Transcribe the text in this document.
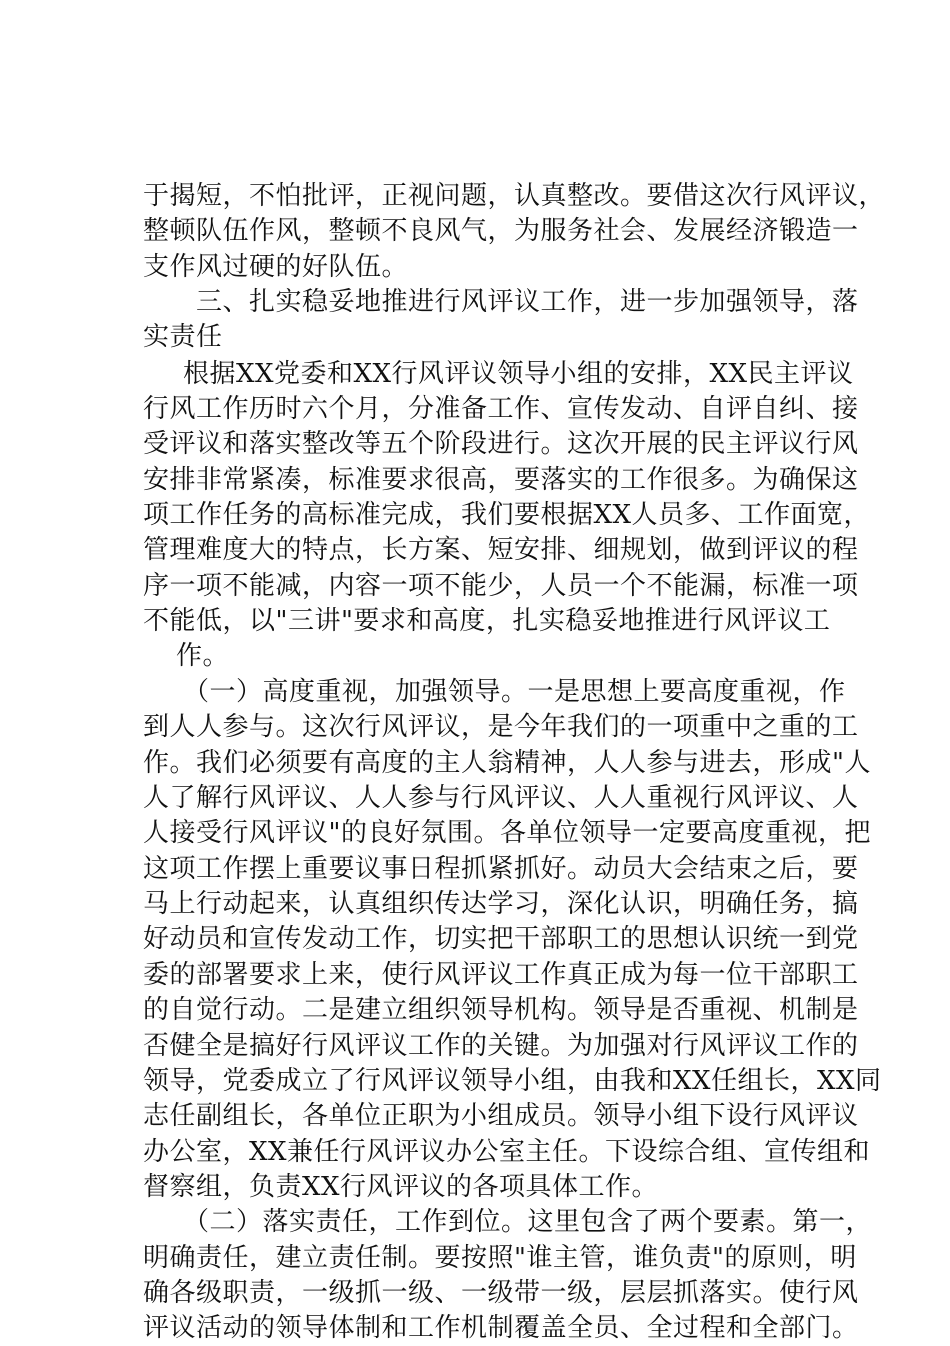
于揭短，不怕批评，正视问题，认真整改。要借这次行风评议，
整顿队伍作风，整顿不良风气，为服务社会、发展经济锻造一
支作风过硬的好队伍。
三、扎实稳妥地推进行风评议工作，进一步加强领导，落
实责任
根据XX党委和XX行风评议领导小组的安排，XX民主评议
行风工作历时六个月，分准备工作、宣传发动、自评自纠、接
受评议和落实整改等五个阶段进行。这次开展的民主评议行风
安排非常紧凑，标准要求很高，要落实的工作很多。为确保这
项工作任务的高标准完成，我们要根据XX人员多、工作面宽，
管理难度大的特点，长方案、短安排、细规划，做到评议的程
序一项不能减，内容一项不能少，人员一个不能漏，标准一项
不能低，以"三讲"要求和高度，扎实稳妥地推进行风评议工
作。
（一）高度重视，加强领导。一是思想上要高度重视，作
到人人参与。这次行风评议，是今年我们的一项重中之重的工
作。我们必须要有高度的主人翁精神，人人参与进去，形成"人
人了解行风评议、人人参与行风评议、人人重视行风评议、人
人接受行风评议"的良好氛围。各单位领导一定要高度重视，把
这项工作摆上重要议事日程抓紧抓好。动员大会结束之后，要
马上行动起来，认真组织传达学习，深化认识，明确任务，搞
好动员和宣传发动工作，切实把干部职工的思想认识统一到党
委的部署要求上来，使行风评议工作真正成为每一位干部职工
的自觉行动。二是建立组织领导机构。领导是否重视、机制是
否健全是搞好行风评议工作的关键。为加强对行风评议工作的
领导，党委成立了行风评议领导小组，由我和XX任组长，XX同
志任副组长，各单位正职为小组成员。领导小组下设行风评议
办公室，XX兼任行风评议办公室主任。下设综合组、宣传组和
督察组，负责XX行风评议的各项具体工作。
（二）落实责任，工作到位。这里包含了两个要素。第一，
明确责任，建立责任制。要按照"谁主管，谁负责"的原则，明
确各级职责，一级抓一级、一级带一级，层层抓落实。使行风
评议活动的领导体制和工作机制覆盖全员、全过程和全部门。
